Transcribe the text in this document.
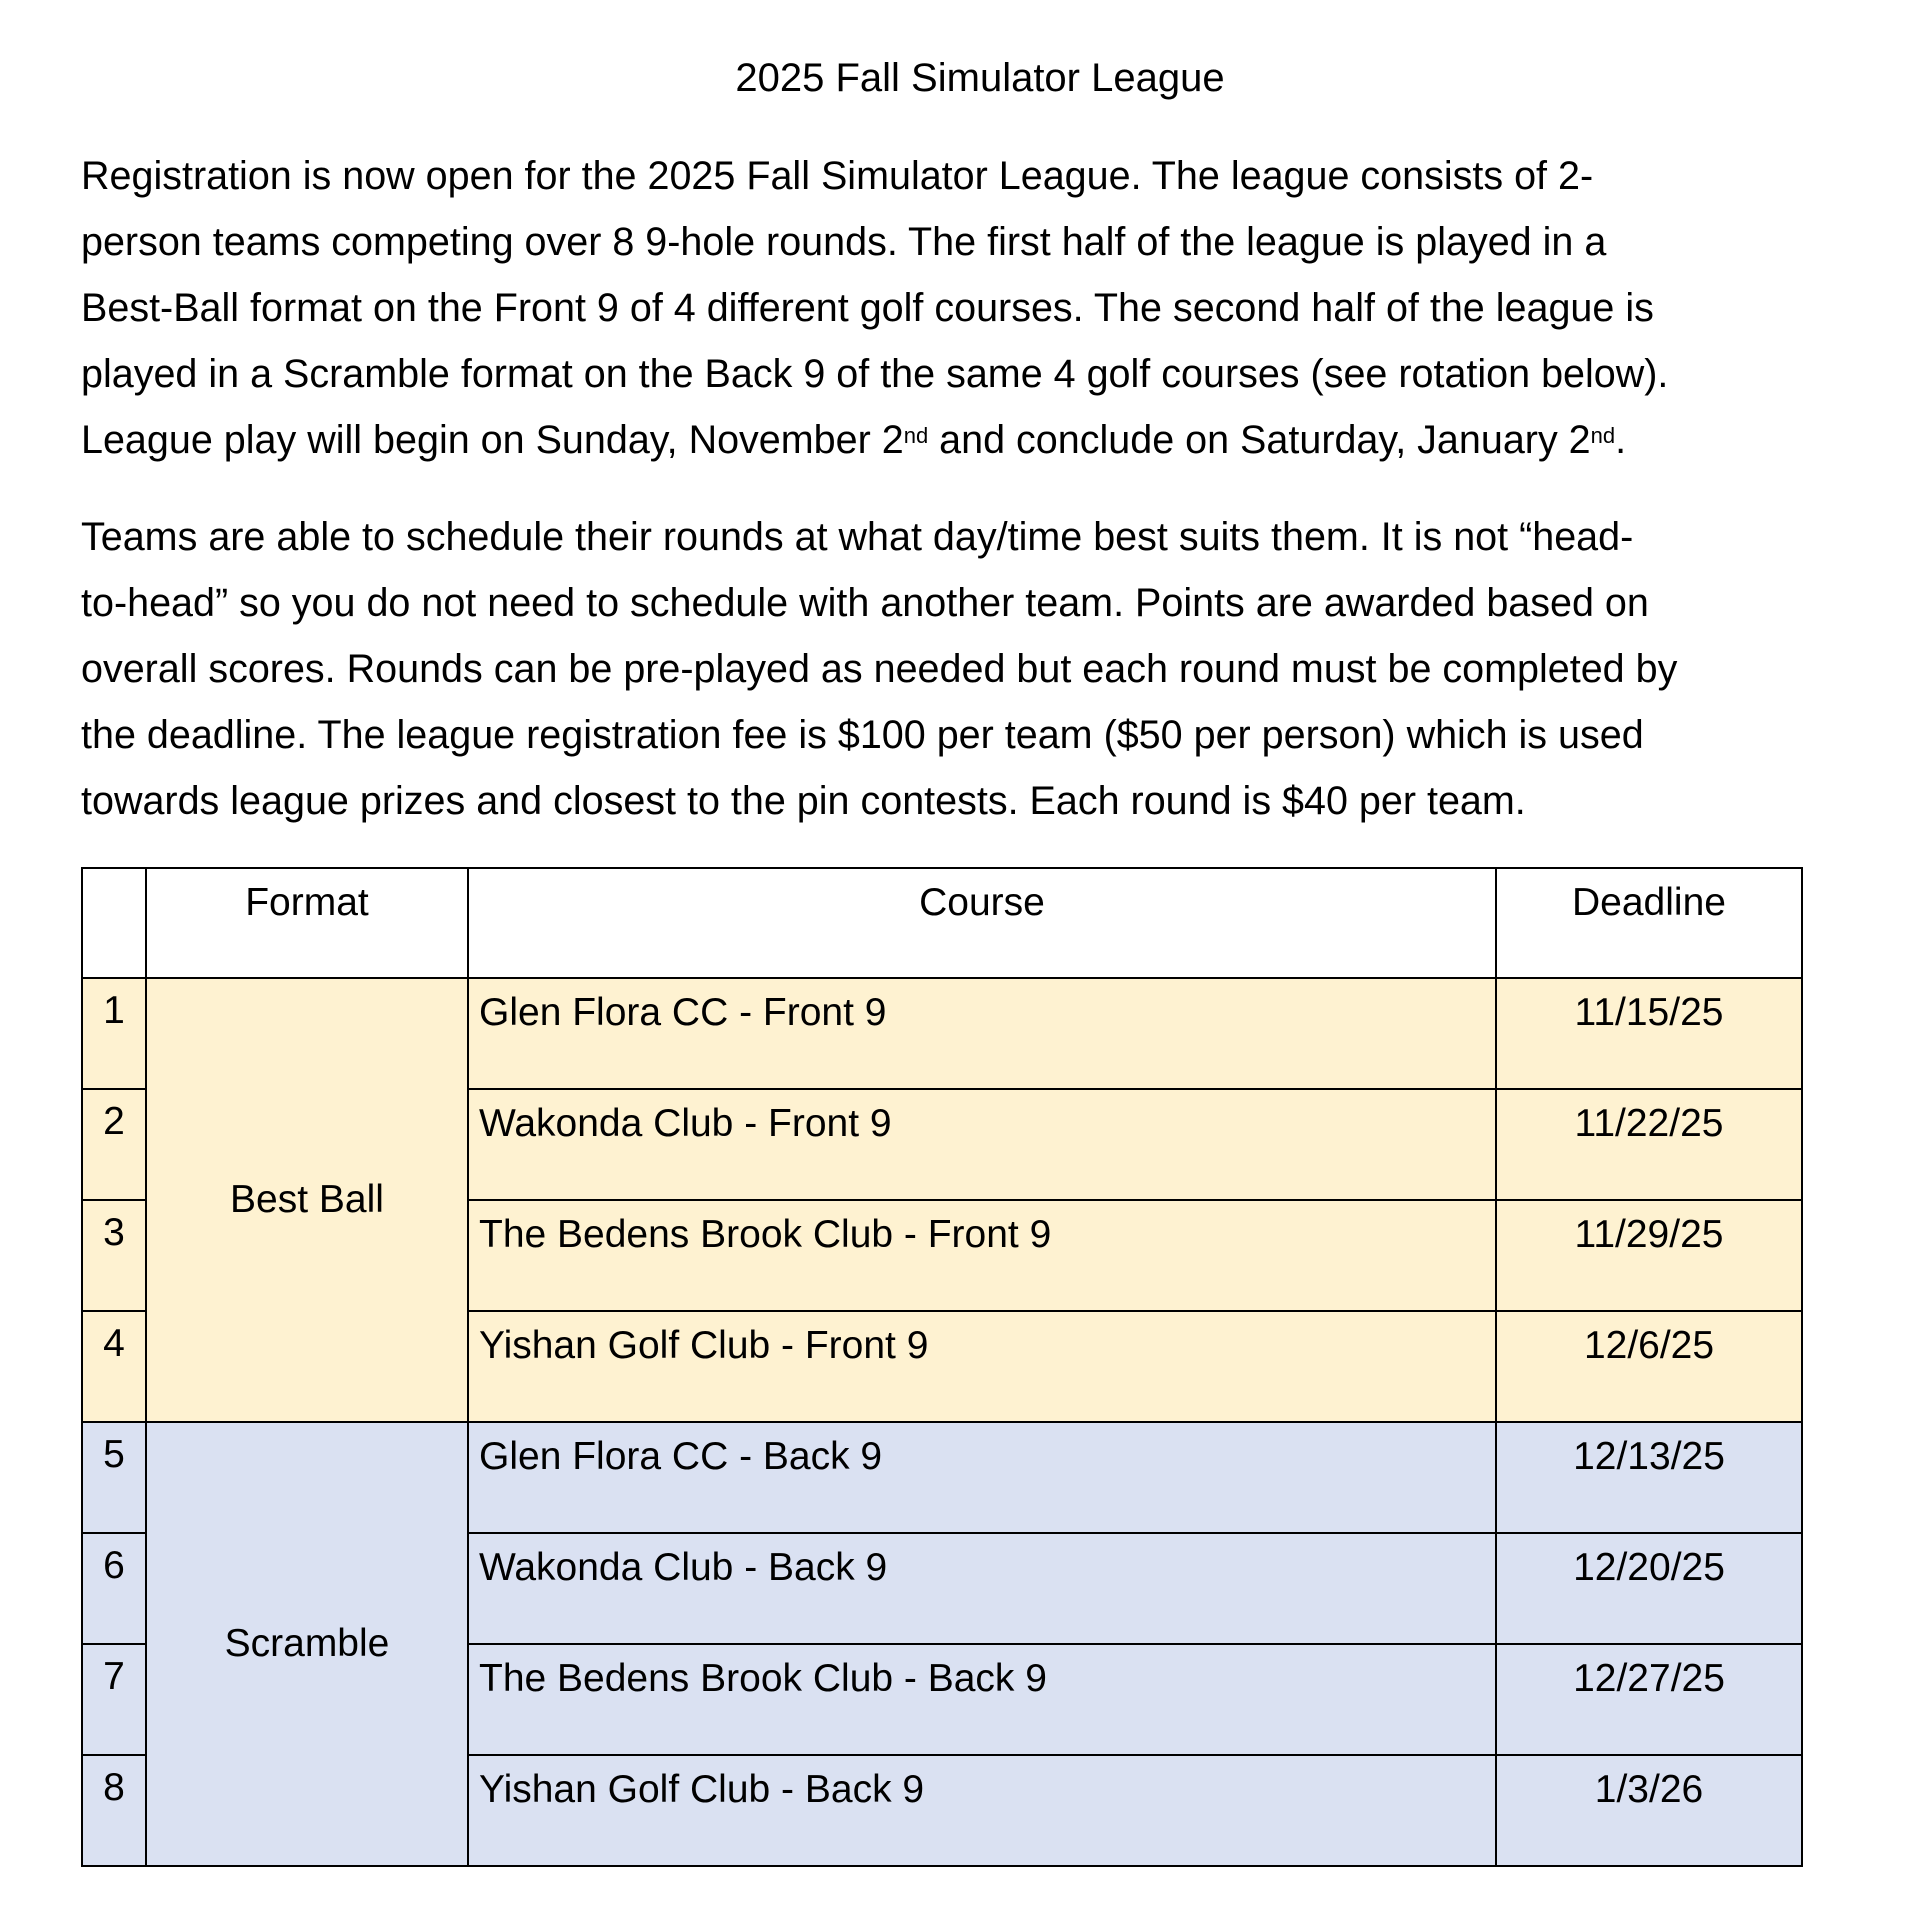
2025 Fall Simulator League

Registration is now open for the 2025 Fall Simulator League. The league consists of 2-
person teams competing over 8 9-hole rounds. The first half of the league is played in a
Best-Ball format on the Front 9 of 4 different golf courses. The second half of the league is
played in a Scramble format on the Back 9 of the same 4 golf courses (see rotation below).
League play will begin on Sunday, November 2nd and conclude on Saturday, January 2nd.

Teams are able to schedule their rounds at what day/time best suits them. It is not “head-
to-head” so you do not need to schedule with another team. Points are awarded based on
overall scores. Rounds can be pre-played as needed but each round must be completed by
the deadline. The league registration fee is $100 per team ($50 per person) which is used
towards league prizes and closest to the pin contests. Each round is $40 per team.

	Format	Course	Deadline
1	Best Ball	Glen Flora CC - Front 9	11/15/25
2		Wakonda Club - Front 9	11/22/25
3		The Bedens Brook Club - Front 9	11/29/25
4		Yishan Golf Club - Front 9	12/6/25
5	Scramble	Glen Flora CC - Back 9	12/13/25
6		Wakonda Club - Back 9	12/20/25
7		The Bedens Brook Club - Back 9	12/27/25
8		Yishan Golf Club - Back 9	1/3/26
